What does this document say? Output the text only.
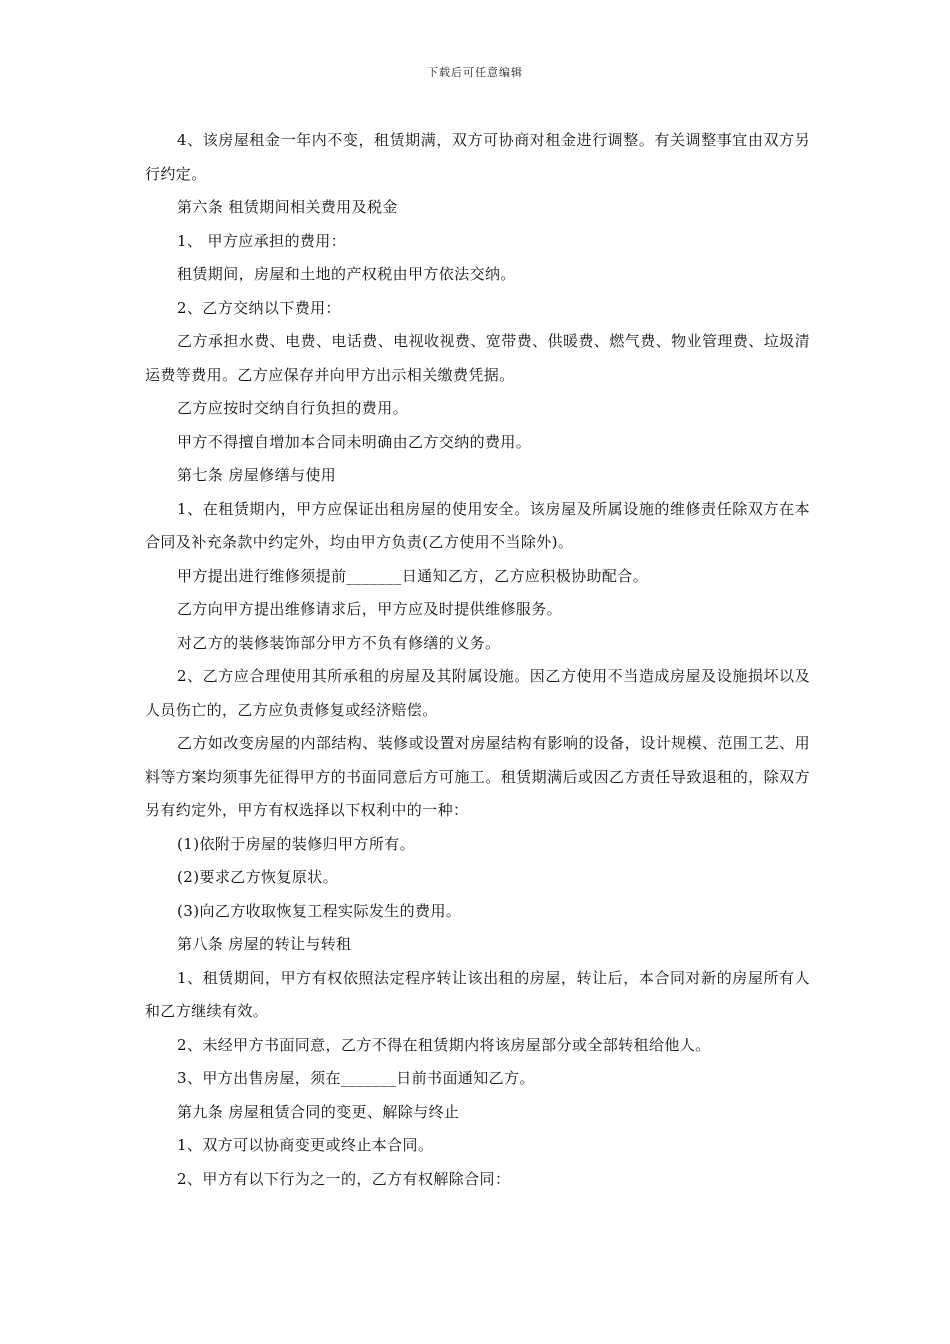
下载后可任意编辑

4、该房屋租金一年内不变，租赁期满，双方可协商对租金进行调整。有关调整事宜由双方另行约定。

第六条 租赁期间相关费用及税金

1、 甲方应承担的费用：

租赁期间，房屋和土地的产权税由甲方依法交纳。

2、乙方交纳以下费用：

乙方承担水费、电费、电话费、电视收视费、宽带费、供暖费、燃气费、物业管理费、垃圾清运费等费用。乙方应保存并向甲方出示相关缴费凭据。

乙方应按时交纳自行负担的费用。

甲方不得擅自增加本合同未明确由乙方交纳的费用。

第七条 房屋修缮与使用

1、在租赁期内，甲方应保证出租房屋的使用安全。该房屋及所属设施的维修责任除双方在本合同及补充条款中约定外，均由甲方负责(乙方使用不当除外)。

甲方提出进行维修须提前_______日通知乙方，乙方应积极协助配合。

乙方向甲方提出维修请求后，甲方应及时提供维修服务。

对乙方的装修装饰部分甲方不负有修缮的义务。

2、乙方应合理使用其所承租的房屋及其附属设施。因乙方使用不当造成房屋及设施损坏以及人员伤亡的，乙方应负责修复或经济赔偿。

乙方如改变房屋的内部结构、装修或设置对房屋结构有影响的设备，设计规模、范围工艺、用料等方案均须事先征得甲方的书面同意后方可施工。租赁期满后或因乙方责任导致退租的，除双方另有约定外，甲方有权选择以下权利中的一种：

(1)依附于房屋的装修归甲方所有。

(2)要求乙方恢复原状。

(3)向乙方收取恢复工程实际发生的费用。

第八条 房屋的转让与转租

1、租赁期间，甲方有权依照法定程序转让该出租的房屋，转让后，本合同对新的房屋所有人和乙方继续有效。

2、未经甲方书面同意，乙方不得在租赁期内将该房屋部分或全部转租给他人。

3、甲方出售房屋，须在_______日前书面通知乙方。

第九条 房屋租赁合同的变更、解除与终止

1、双方可以协商变更或终止本合同。

2、甲方有以下行为之一的，乙方有权解除合同：
